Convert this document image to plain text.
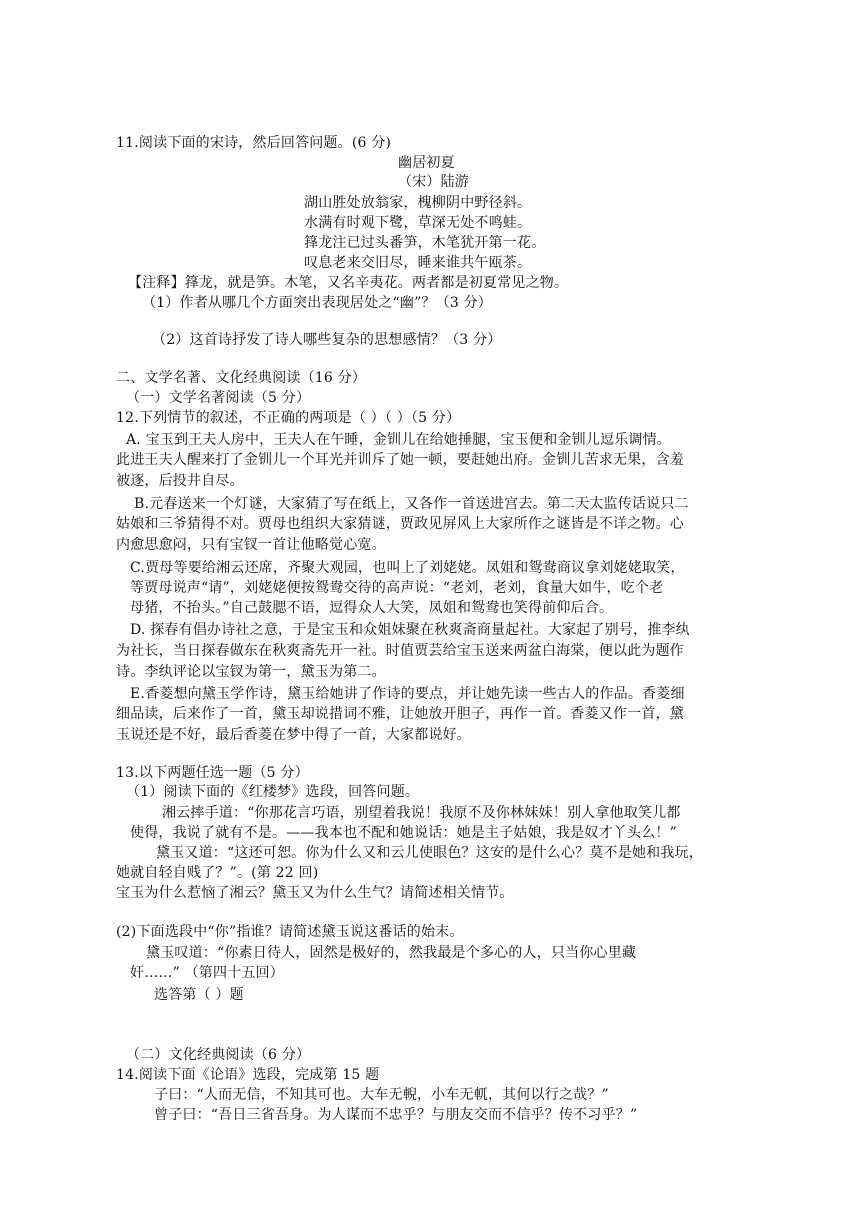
11.阅读下面的宋诗，然后回答问题。(6 分)
幽居初夏
（宋）陆游
湖山胜处放翁家，槐柳阴中野径斜。
水满有时观下鹭，草深无处不鸣蛙。
箨龙注已过头番笋，木笔犹开第一花。
叹息老来交旧尽，睡来谁共午瓯茶。
【注释】箨龙，就是笋。木笔，又名辛夷花。两者都是初夏常见之物。
（1）作者从哪几个方面突出表现居处之“幽”？（3 分）
（2）这首诗抒发了诗人哪些复杂的思想感情？（3 分）
二、文学名著、文化经典阅读（16 分）
（一）文学名著阅读（5 分）
12.下列情节的叙述，不正确的两项是（ ）（ ）（5 分）
A. 宝玉到王夫人房中，王夫人在午睡，金钏儿在给她捶腿，宝玉便和金钏儿逗乐调情。
此进王夫人醒来打了金钏儿一个耳光并训斥了她一顿，要赶她出府。金钏儿苦求无果，含羞
被逐，后投井自尽。
B.元春送来一个灯谜，大家猜了写在纸上，又各作一首送进宫去。第二天太监传话说只二
姑娘和三爷猜得不对。贾母也组织大家猜谜，贾政见屏风上大家所作之谜皆是不详之物。心
内愈思愈闷，只有宝钗一首让他略觉心宽。
C.贾母等要给湘云还席，齐聚大观园，也叫上了刘姥姥。凤姐和鸳鸯商议拿刘姥姥取笑，
等贾母说声“请”，刘姥姥便按鸳鸯交待的高声说：“老刘，老刘，食量大如牛，吃个老
母猪，不抬头。”自己鼓腮不语，逗得众人大笑，凤姐和鸳鸯也笑得前仰后合。
D. 探春有倡办诗社之意，于是宝玉和众姐妹聚在秋爽斋商量起社。大家起了别号，推李纨
为社长，当日探春做东在秋爽斋先开一社。时值贾芸给宝玉送来两盆白海棠，便以此为题作
诗。李纨评论以宝钗为第一，黛玉为第二。
E.香菱想向黛玉学作诗，黛玉给她讲了作诗的要点，并让她先读一些古人的作品。香菱细
细品读，后来作了一首，黛玉却说措词不雅，让她放开胆子，再作一首。香菱又作一首，黛
玉说还是不好，最后香菱在梦中得了一首，大家都说好。
13.以下两题任选一题（5 分）
（1）阅读下面的《红楼梦》选段，回答问题。
湘云摔手道：“你那花言巧语，别望着我说！我原不及你林妹妹！别人拿他取笑儿都
使得，我说了就有不是。——我本也不配和她说话：她是主子姑娘，我是奴才丫头么！”
黛玉又道：“这还可恕。你为什么又和云儿使眼色？这安的是什么心？莫不是她和我玩，
她就自轻自贱了？”。(第 22 回)
宝玉为什么惹恼了湘云？黛玉又为什么生气？请简述相关情节。
(2)下面选段中“你”指谁？请简述黛玉说这番话的始末。
黛玉叹道：“你素日待人，固然是极好的，然我最是个多心的人，只当你心里藏
奸……” （第四十五回）
选答第（ ）题
（二）文化经典阅读（6 分）
14.阅读下面《论语》选段，完成第 15 题
子曰：“人而无信，不知其可也。大车无輗，小车无軏，其何以行之哉？”
曾子曰：“吾日三省吾身。为人谋而不忠乎？与朋友交而不信乎？传不习乎？”
